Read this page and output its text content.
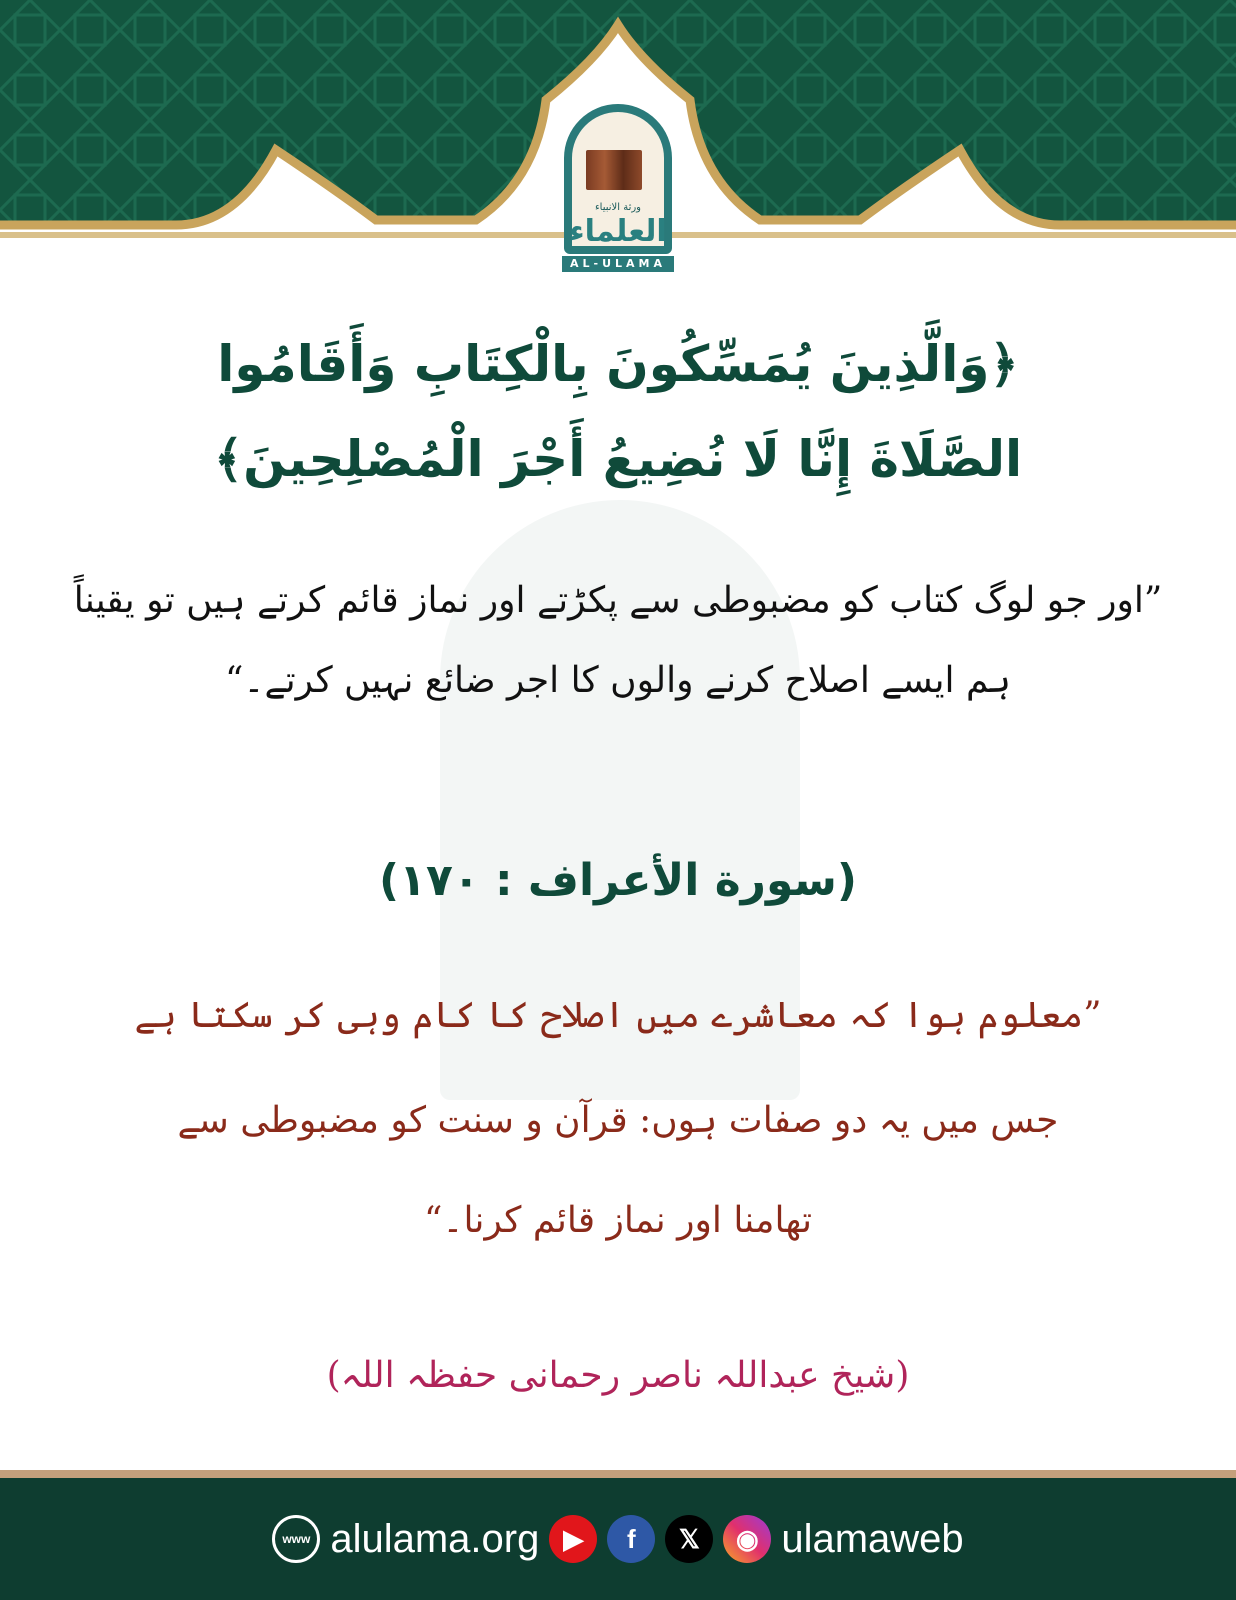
ورثة الانبياء
العلماء
AL-ULAMA
﴿وَالَّذِينَ يُمَسِّكُونَ بِالْكِتَابِ وَأَقَامُوا
الصَّلَاةَ إِنَّا لَا نُضِيعُ أَجْرَ الْمُصْلِحِينَ﴾
”اور جو لوگ کتاب کو مضبوطی سے پکڑتے اور نماز قائم کرتے ہیں تو یقیناً
ہم ایسے اصلاح کرنے والوں کا اجر ضائع نہیں کرتے۔“
(سورة الأعراف : ١٧٠)
”معلوم ہوا کہ معاشرے میں اصلاح کا کام وہی کر سکتا ہے
جس میں یہ دو صفات ہوں: قرآن و سنت کو مضبوطی سے
تھامنا اور نماز قائم کرنا۔“
(شیخ عبداللہ ناصر رحمانی حفظہ اللہ)
www alulama.org ▶	f	𝕏	◉ ulamaweb
